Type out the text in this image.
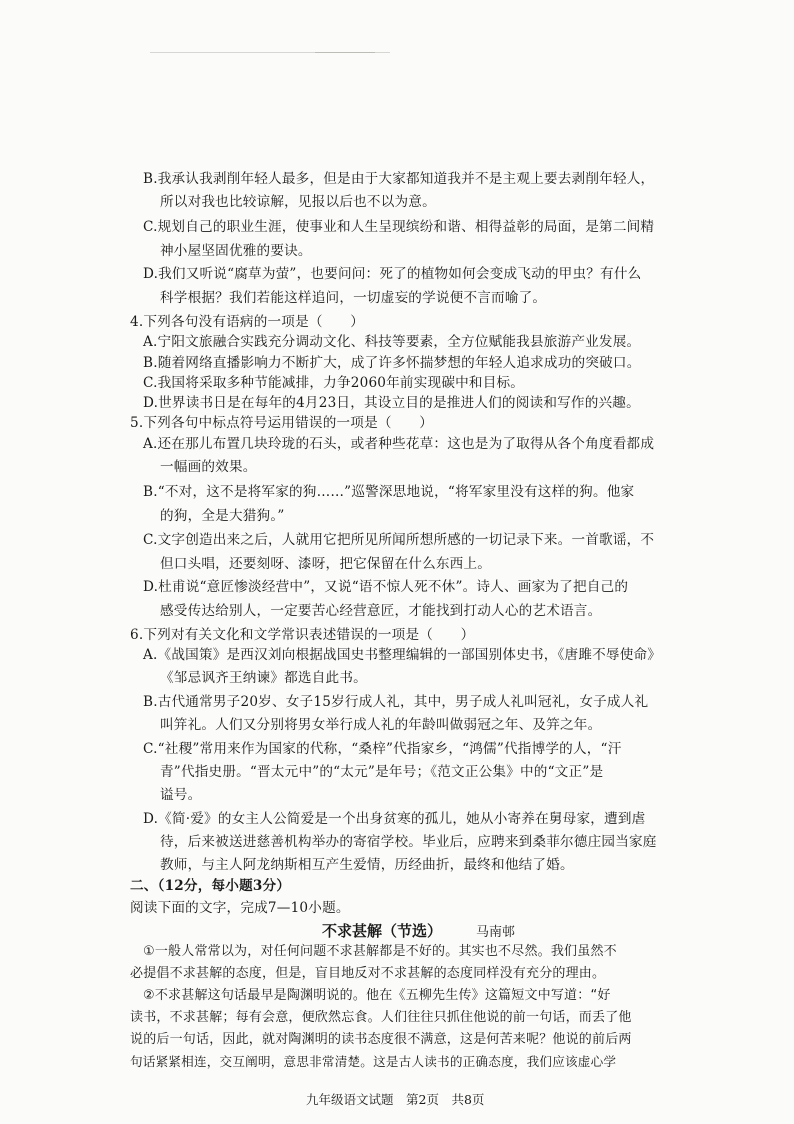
B.我承认我剥削年轻人最多，但是由于大家都知道我并不是主观上要去剥削年轻人，
所以对我也比较谅解，见报以后也不以为意。
C.规划自己的职业生涯，使事业和人生呈现缤纷和谐、相得益彰的局面，是第二间精
神小屋坚固优雅的要诀。
D.我们又听说“腐草为萤”，也要问问：死了的植物如何会变成飞动的甲虫？有什么
科学根据？我们若能这样追问，一切虚妄的学说便不言而喻了。
4.下列各句没有语病的一项是（　　）
A.宁阳文旅融合实践充分调动文化、科技等要素，全方位赋能我县旅游产业发展。
B.随着网络直播影响力不断扩大，成了许多怀揣梦想的年轻人追求成功的突破口。
C.我国将采取多种节能减排，力争2060年前实现碳中和目标。
D.世界读书日是在每年的4月23日，其设立目的是推进人们的阅读和写作的兴趣。
5.下列各句中标点符号运用错误的一项是（　　）
A.还在那儿布置几块玲珑的石头，或者种些花草：这也是为了取得从各个角度看都成
一幅画的效果。
B.“不对，这不是将军家的狗……”巡警深思地说，“将军家里没有这样的狗。他家
的狗，全是大猎狗。”
C.文字创造出来之后，人就用它把所见所闻所想所感的一切记录下来。一首歌谣，不
但口头唱，还要刻呀、漆呀，把它保留在什么东西上。
D.杜甫说“意匠惨淡经营中”，又说“语不惊人死不休”。诗人、画家为了把自己的
感受传达给别人，一定要苦心经营意匠，才能找到打动人心的艺术语言。
6.下列对有关文化和文学常识表述错误的一项是（　　）
A.《战国策》是西汉刘向根据战国史书整理编辑的一部国别体史书，《唐雎不辱使命》
《邹忌讽齐王纳谏》都选自此书。
B.古代通常男子20岁、女子15岁行成人礼，其中，男子成人礼叫冠礼，女子成人礼
叫笄礼。人们又分别将男女举行成人礼的年龄叫做弱冠之年、及笄之年。
C.“社稷”常用来作为国家的代称，“桑梓”代指家乡，“鸿儒”代指博学的人，“汗
青”代指史册。“晋太元中”的“太元”是年号；《范文正公集》中的“文正”是
谥号。
D.《简·爱》的女主人公简爱是一个出身贫寒的孤儿，她从小寄养在舅母家，遭到虐
待，后来被送进慈善机构举办的寄宿学校。毕业后，应聘来到桑菲尔德庄园当家庭
教师，与主人阿龙纳斯相互产生爱情，历经曲折，最终和他结了婚。
二、（12分，每小题3分）
阅读下面的文字，完成7—10小题。
不求甚解（节选）	马南邨
①一般人常常以为，对任何问题不求甚解都是不好的。其实也不尽然。我们虽然不
必提倡不求甚解的态度，但是，盲目地反对不求甚解的态度同样没有充分的理由。
②不求甚解这句话最早是陶渊明说的。他在《五柳先生传》这篇短文中写道：“好
读书，不求甚解；每有会意，便欣然忘食。人们往往只抓住他说的前一句话，而丢了他
说的后一句话，因此，就对陶渊明的读书态度很不满意，这是何苦来呢？他说的前后两
句话紧紧相连，交互阐明，意思非常清楚。这是古人读书的正确态度，我们应该虚心学
九年级语文试题　第2页　共8页
